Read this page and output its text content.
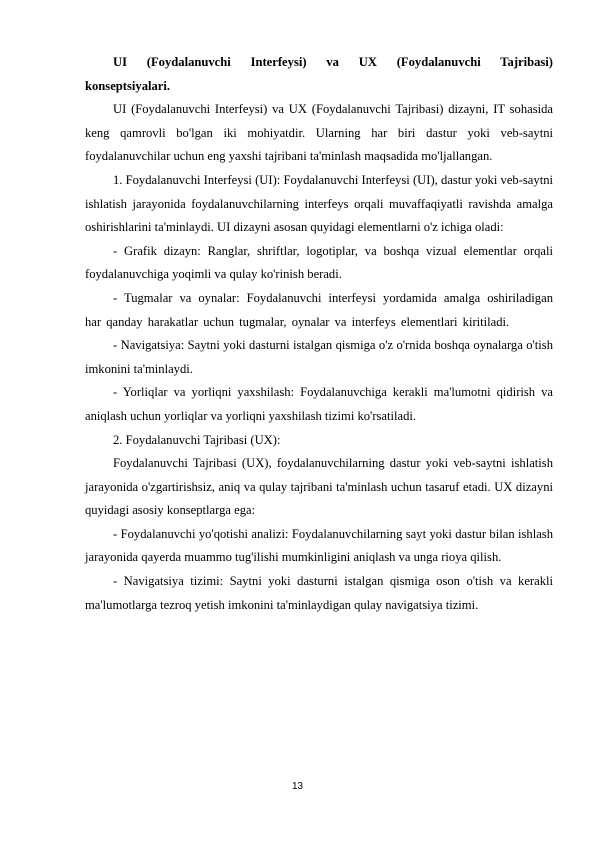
UI (Foydalanuvchi Interfeysi) va UX (Foydalanuvchi Tajribasi) konseptsiyalari.

UI (Foydalanuvchi Interfeysi) va UX (Foydalanuvchi Tajribasi) dizayni, IT sohasida keng qamrovli bo'lgan iki mohiyatdir. Ularning har biri dastur yoki veb-saytni foydalanuvchilar uchun eng yaxshi tajribani ta'minlash maqsadida mo'ljallangan.

1. Foydalanuvchi Interfeysi (UI): Foydalanuvchi Interfeysi (UI), dastur yoki veb-saytni ishlatish jarayonida foydalanuvchilarning interfeys orqali muvaffaqiyatli ravishda amalga oshirishlarini ta'minlaydi. UI dizayni asosan quyidagi elementlarni o'z ichiga oladi:

- Grafik dizayn: Ranglar, shriftlar, logotiplar, va boshqa vizual elementlar orqali foydalanuvchiga yoqimli va qulay ko'rinish beradi.

- Tugmalar va oynalar: Foydalanuvchi interfeysi yordamida amalga oshiriladigan har qanday harakatlar uchun tugmalar, oynalar va interfeys elementlari kiritiladi.

- Navigatsiya: Saytni yoki dasturni istalgan qismiga o'z o'rnida boshqa oynalarga o'tish imkonini ta'minlaydi.

- Yorliqlar va yorliqni yaxshilash: Foydalanuvchiga kerakli ma'lumotni qidirish va aniqlash uchun yorliqlar va yorliqni yaxshilash tizimi ko'rsatiladi.

2. Foydalanuvchi Tajribasi (UX):

Foydalanuvchi Tajribasi (UX), foydalanuvchilarning dastur yoki veb-saytni ishlatish jarayonida o'zgartirishsiz, aniq va qulay tajribani ta'minlash uchun tasaruf etadi. UX dizayni quyidagi asosiy konseptlarga ega:

- Foydalanuvchi yo'qotishi analizi: Foydalanuvchilarning sayt yoki dastur bilan ishlash jarayonida qayerda muammo tug'ilishi mumkinligini aniqlash va unga rioya qilish.

- Navigatsiya tizimi: Saytni yoki dasturni istalgan qismiga oson o'tish va kerakli ma'lumotlarga tezroq yetish imkonini ta'minlaydigan qulay navigatsiya tizimi.

13
